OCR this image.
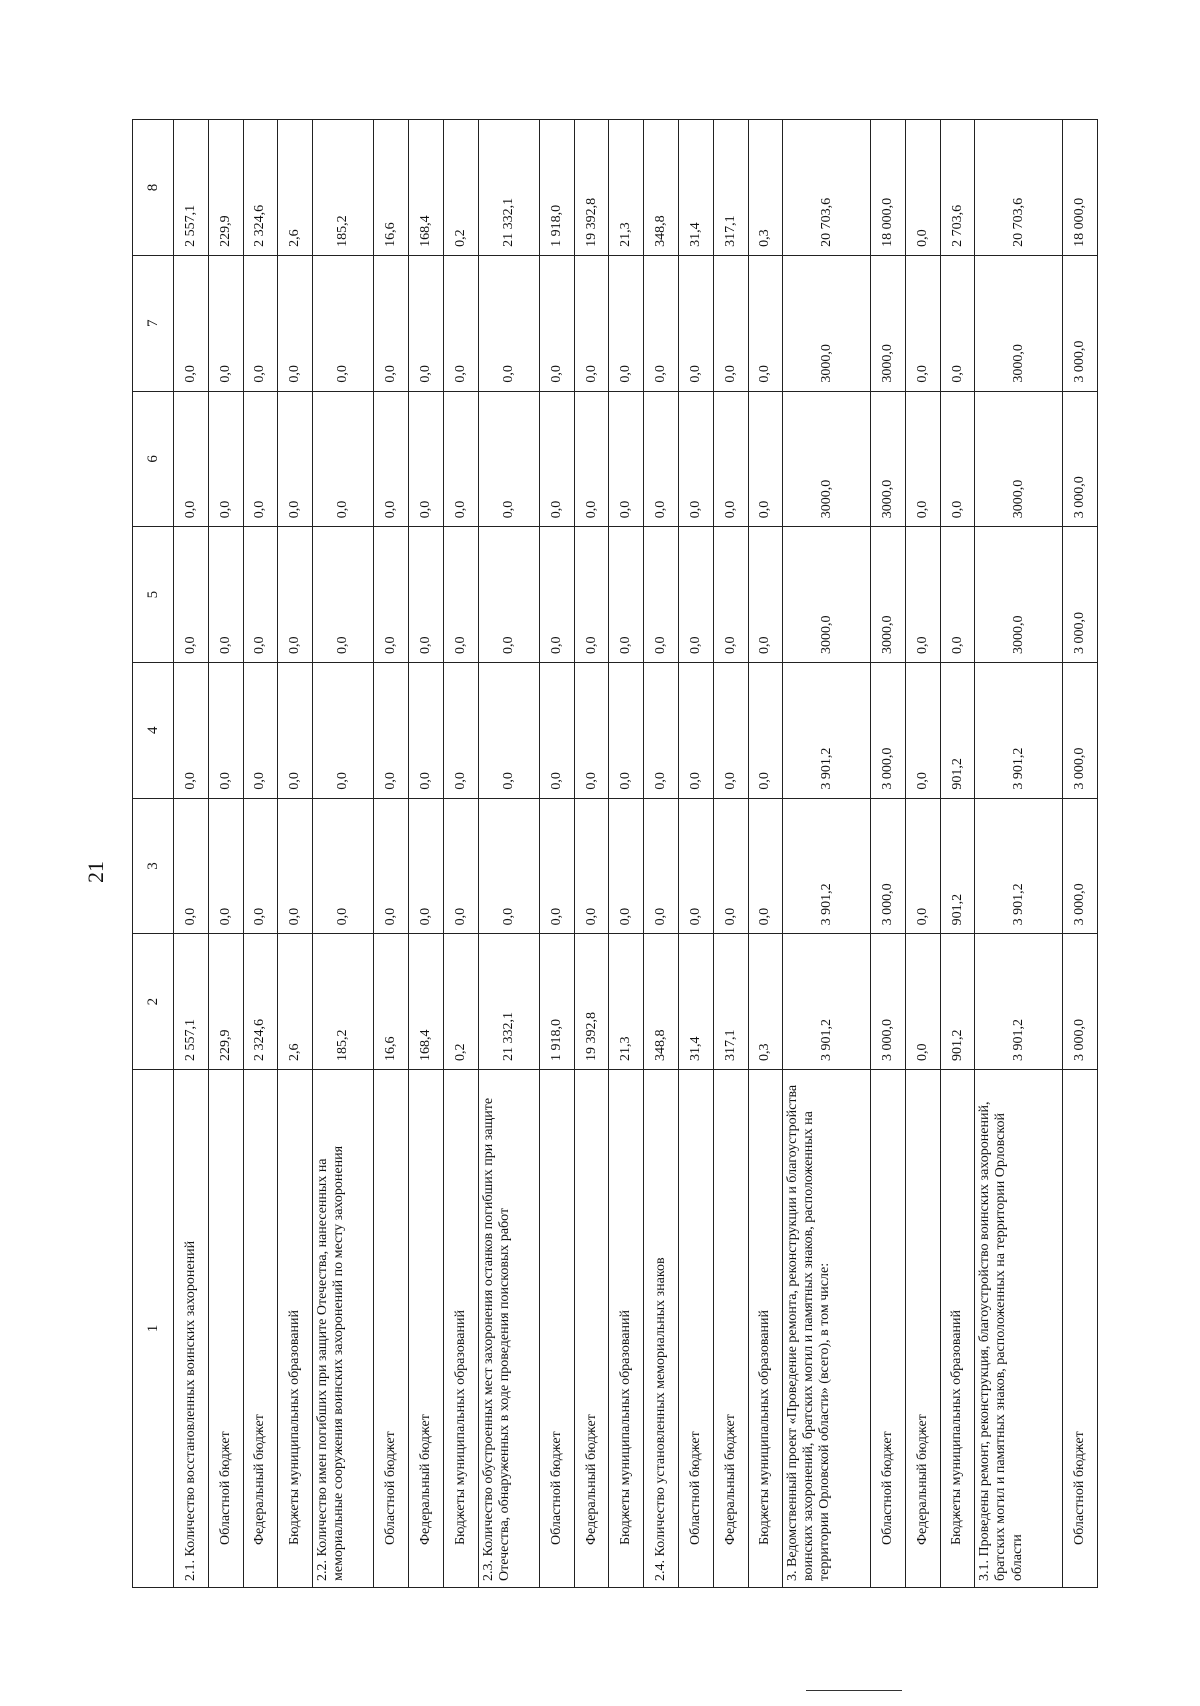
21
1	2	3	4	5	6	7	8
2.1. Количество восстановленных воинских захоронений	2 557,1	0,0	0,0	0,0	0,0	0,0	2 557,1
Областной бюджет	229,9	0,0	0,0	0,0	0,0	0,0	229,9
Федеральный бюджет	2 324,6	0,0	0,0	0,0	0,0	0,0	2 324,6
Бюджеты муниципальных образований	2,6	0,0	0,0	0,0	0,0	0,0	2,6
2.2. Количество имен погибших при защите Отечества, нанесенных на мемориальные сооружения воинских захоронений по месту захоронения	185,2	0,0	0,0	0,0	0,0	0,0	185,2
Областной бюджет	16,6	0,0	0,0	0,0	0,0	0,0	16,6
Федеральный бюджет	168,4	0,0	0,0	0,0	0,0	0,0	168,4
Бюджеты муниципальных образований	0,2	0,0	0,0	0,0	0,0	0,0	0,2
2.3. Количество обустроенных мест захоронения останков погибших при защите Отечества, обнаруженных в ходе проведения поисковых работ	21 332,1	0,0	0,0	0,0	0,0	0,0	21 332,1
Областной бюджет	1 918,0	0,0	0,0	0,0	0,0	0,0	1 918,0
Федеральный бюджет	19 392,8	0,0	0,0	0,0	0,0	0,0	19 392,8
Бюджеты муниципальных образований	21,3	0,0	0,0	0,0	0,0	0,0	21,3
2.4. Количество установленных мемориальных знаков	348,8	0,0	0,0	0,0	0,0	0,0	348,8
Областной бюджет	31,4	0,0	0,0	0,0	0,0	0,0	31,4
Федеральный бюджет	317,1	0,0	0,0	0,0	0,0	0,0	317,1
Бюджеты муниципальных образований	0,3	0,0	0,0	0,0	0,0	0,0	0,3
3. Ведомственный проект «Проведение ремонта, реконструкции и благоустройства воинских захоронений, братских могил и памятных знаков, расположенных на территории Орловской области» (всего), в том числе:	3 901,2	3 901,2	3 901,2	3000,0	3000,0	3000,0	20 703,6
Областной бюджет	3 000,0	3 000,0	3 000,0	3000,0	3000,0	3000,0	18 000,0
Федеральный бюджет	0,0	0,0	0,0	0,0	0,0	0,0	0,0
Бюджеты муниципальных образований	901,2	901,2	901,2	0,0	0,0	0,0	2 703,6
3.1. Проведены ремонт, реконструкция, благоустройство воинских захоронений, братских могил и памятных знаков, расположенных на территории Орловской области	3 901,2	3 901,2	3 901,2	3000,0	3000,0	3000,0	20 703,6
Областной бюджет	3 000,0	3 000,0	3 000,0	3 000,0	3 000,0	3 000,0	18 000,0
